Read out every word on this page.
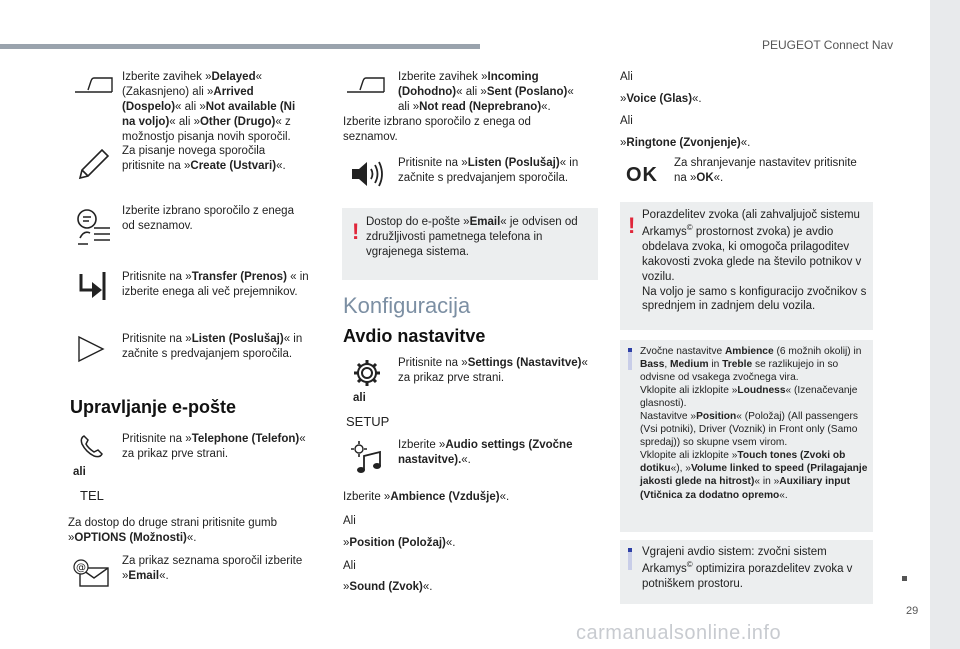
PEUGEOT Connect Nav
29
carmanualsonline.info
Izberite zavihek »Delayed« (Zakasnjeno) ali »Arrived (Dospelo)« ali »Not available (Ni na voljo)« ali »Other (Drugo)« z možnostjo pisanja novih sporočil.
Za pisanje novega sporočila pritisnite na »Create (Ustvari)«.
Izberite izbrano sporočilo z enega od seznamov.
Pritisnite na »Transfer (Prenos) « in izberite enega ali več prejemnikov.
Pritisnite na »Listen (Poslušaj)« in začnite s predvajanjem sporočila.
Upravljanje e-pošte
ali
Pritisnite na »Telephone (Telefon)« za prikaz prve strani.
TEL
Za dostop do druge strani pritisnite gumb »OPTIONS (Možnosti)«.
@
Za prikaz seznama sporočil izberite »Email«.
Izberite zavihek »Incoming (Dohodno)« ali »Sent (Poslano)« ali »Not read (Neprebrano)«.
Izberite izbrano sporočilo z enega od seznamov.
Pritisnite na »Listen (Poslušaj)« in začnite s predvajanjem sporočila.
! Dostop do e-pošte »Email« je odvisen od združljivosti pametnega telefona in vgrajenega sistema.
Konfiguracija
Avdio nastavitve
ali
Pritisnite na »Settings (Nastavitve)« za prikaz prve strani.
SETUP
Izberite »Audio settings (Zvočne nastavitve).«.
Izberite »Ambience (Vzdušje)«.
Ali
»Position (Položaj)«.
Ali
»Sound (Zvok)«.
Ali
»Voice (Glas)«.
Ali
»Ringtone (Zvonjenje)«.
OK
Za shranjevanje nastavitev pritisnite na »OK«.
! Porazdelitev zvoka (ali zahvaljujoč sistemu Arkamys© prostornost zvoka) je avdio obdelava zvoka, ki omogoča prilagoditev kakovosti zvoka glede na število potnikov v vozilu.
Na voljo je samo s konfiguracijo zvočnikov s sprednjem in zadnjem delu vozila.
Zvočne nastavitve Ambience (6 možnih okolij) in Bass, Medium in Treble se razlikujejo in so odvisne od vsakega zvočnega vira.
Vklopite ali izklopite »Loudness« (Izenačevanje glasnosti).
Nastavitve »Position« (Položaj) (All passengers (Vsi potniki), Driver (Voznik) in Front only (Samo spredaj)) so skupne vsem virom.
Vklopite ali izklopite »Touch tones (Zvoki ob dotiku«), »Volume linked to speed (Prilagajanje jakosti glede na hitrost)« in »Auxiliary input (Vtičnica za dodatno opremo«.
Vgrajeni avdio sistem: zvočni sistem Arkamys© optimizira porazdelitev zvoka v potniškem prostoru.
